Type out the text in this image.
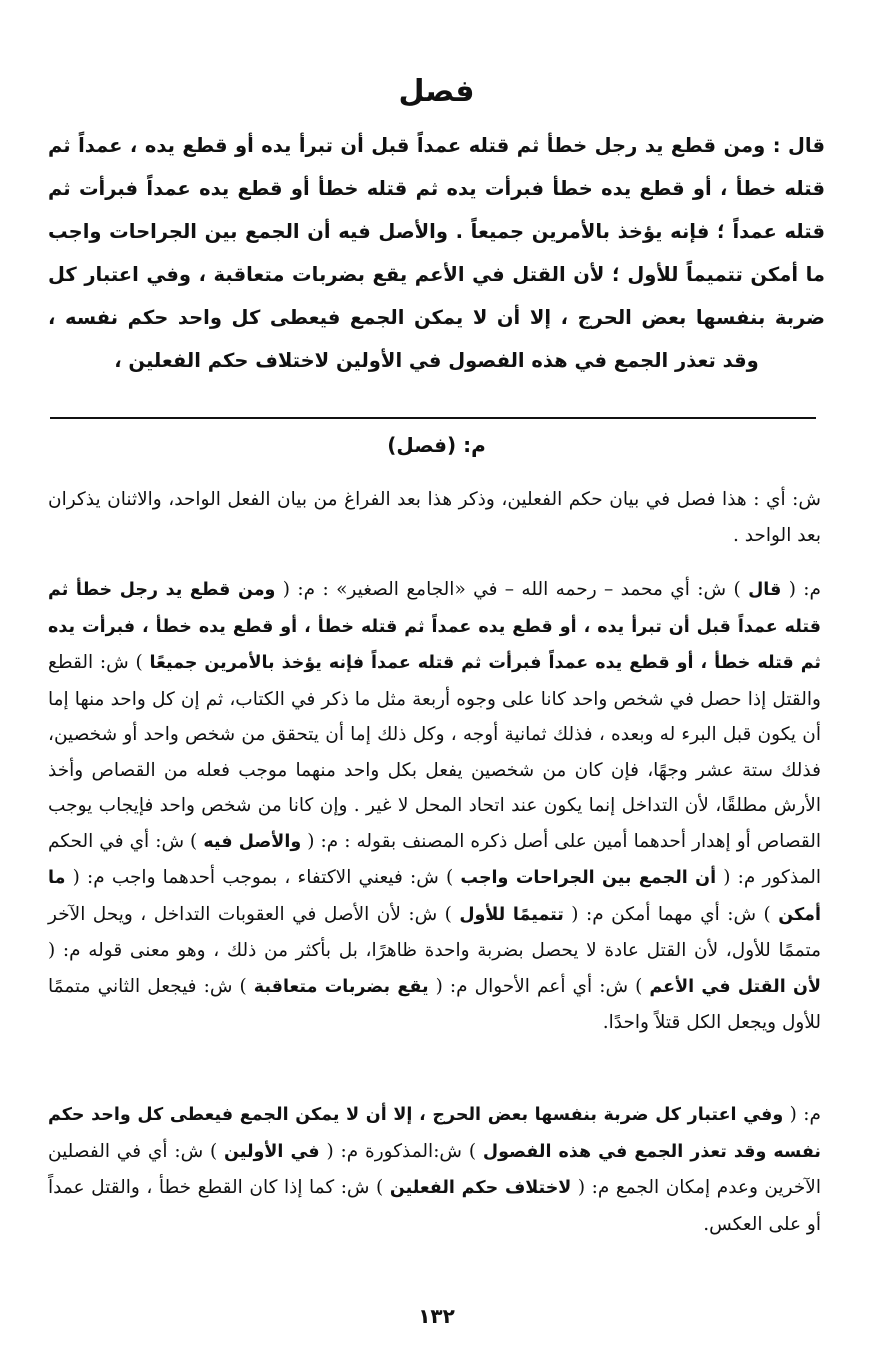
فصل

قال : ومن قطع يد رجل خطأ ثم قتله عمداً قبل أن تبرأ يده أو قطع يده ، عمداً ثم قتله خطأ ، أو قطع يده خطأ فبرأت يده ثم قتله خطأ أو قطع يده عمداً فبرأت ثم قتله عمداً ؛ فإنه يؤخذ بالأمرين جميعاً . والأصل فيه أن الجمع بين الجراحات واجب ما أمكن تتميماً للأول ؛ لأن القتل في الأعم يقع بضربات متعاقبة ، وفي اعتبار كل ضربة بنفسها بعض الحرج ، إلا أن لا يمكن الجمع فيعطى كل واحد حكم نفسه ، وقد تعذر الجمع في هذه الفصول في الأولين لاختلاف حكم الفعلين ،

م: (فصل)

ش: أي : هذا فصل في بيان حكم الفعلين، وذكر هذا بعد الفراغ من بيان الفعل الواحد، والاثنان يذكران بعد الواحد .

م: ( قال ) ش: أي محمد – رحمه الله – في «الجامع الصغير» : م: ( ومن قطع يد رجل خطأ ثم قتله عمداً قبل أن تبرأ يده ، أو قطع يده عمداً ثم قتله خطأ ، أو قطع يده خطأ ، فبرأت يده ثم قتله خطأ ، أو قطع يده عمداً فبرأت ثم قتله عمداً فإنه يؤخذ بالأمرين جميعًا ) ش: القطع والقتل إذا حصل في شخص واحد كانا على وجوه أربعة مثل ما ذكر في الكتاب، ثم إن كل واحد منها إما أن يكون قبل البرء له وبعده ، فذلك ثمانية أوجه ، وكل ذلك إما أن يتحقق من شخص واحد أو شخصين، فذلك ستة عشر وجهًا، فإن كان من شخصين يفعل بكل واحد منهما موجب فعله من القصاص وأخذ الأرش مطلقًا، لأن التداخل إنما يكون عند اتحاد المحل لا غير . وإن كانا من شخص واحد فإيجاب يوجب القصاص أو إهدار أحدهما أمين على أصل ذكره المصنف بقوله : م: ( والأصل فيه ) ش: أي في الحكم المذكور م: ( أن الجمع بين الجراحات واجب ) ش: فيعني الاكتفاء ، بموجب أحدهما واجب م: ( ما أمكن ) ش: أي مهما أمكن م: ( تتميمًا للأول ) ش: لأن الأصل في العقوبات التداخل ، ويحل الآخر متممًا للأول، لأن القتل عادة لا يحصل بضربة واحدة ظاهرًا، بل بأكثر من ذلك ، وهو معنى قوله م: ( لأن القتل في الأعم ) ش: أي أعم الأحوال م: ( يقع بضربات متعاقبة ) ش: فيجعل الثاني متممًا للأول ويجعل الكل قتلاً واحدًا.

م: ( وفي اعتبار كل ضربة بنفسها بعض الحرج ، إلا أن لا يمكن الجمع فيعطى كل واحد حكم نفسه وقد تعذر الجمع في هذه الفصول ) ش:المذكورة م: ( في الأولين ) ش: أي في الفصلين الآخرين وعدم إمكان الجمع م: ( لاختلاف حكم الفعلين ) ش: كما إذا كان القطع خطأ ، والقتل عمداً أو على العكس.

١٣٢
